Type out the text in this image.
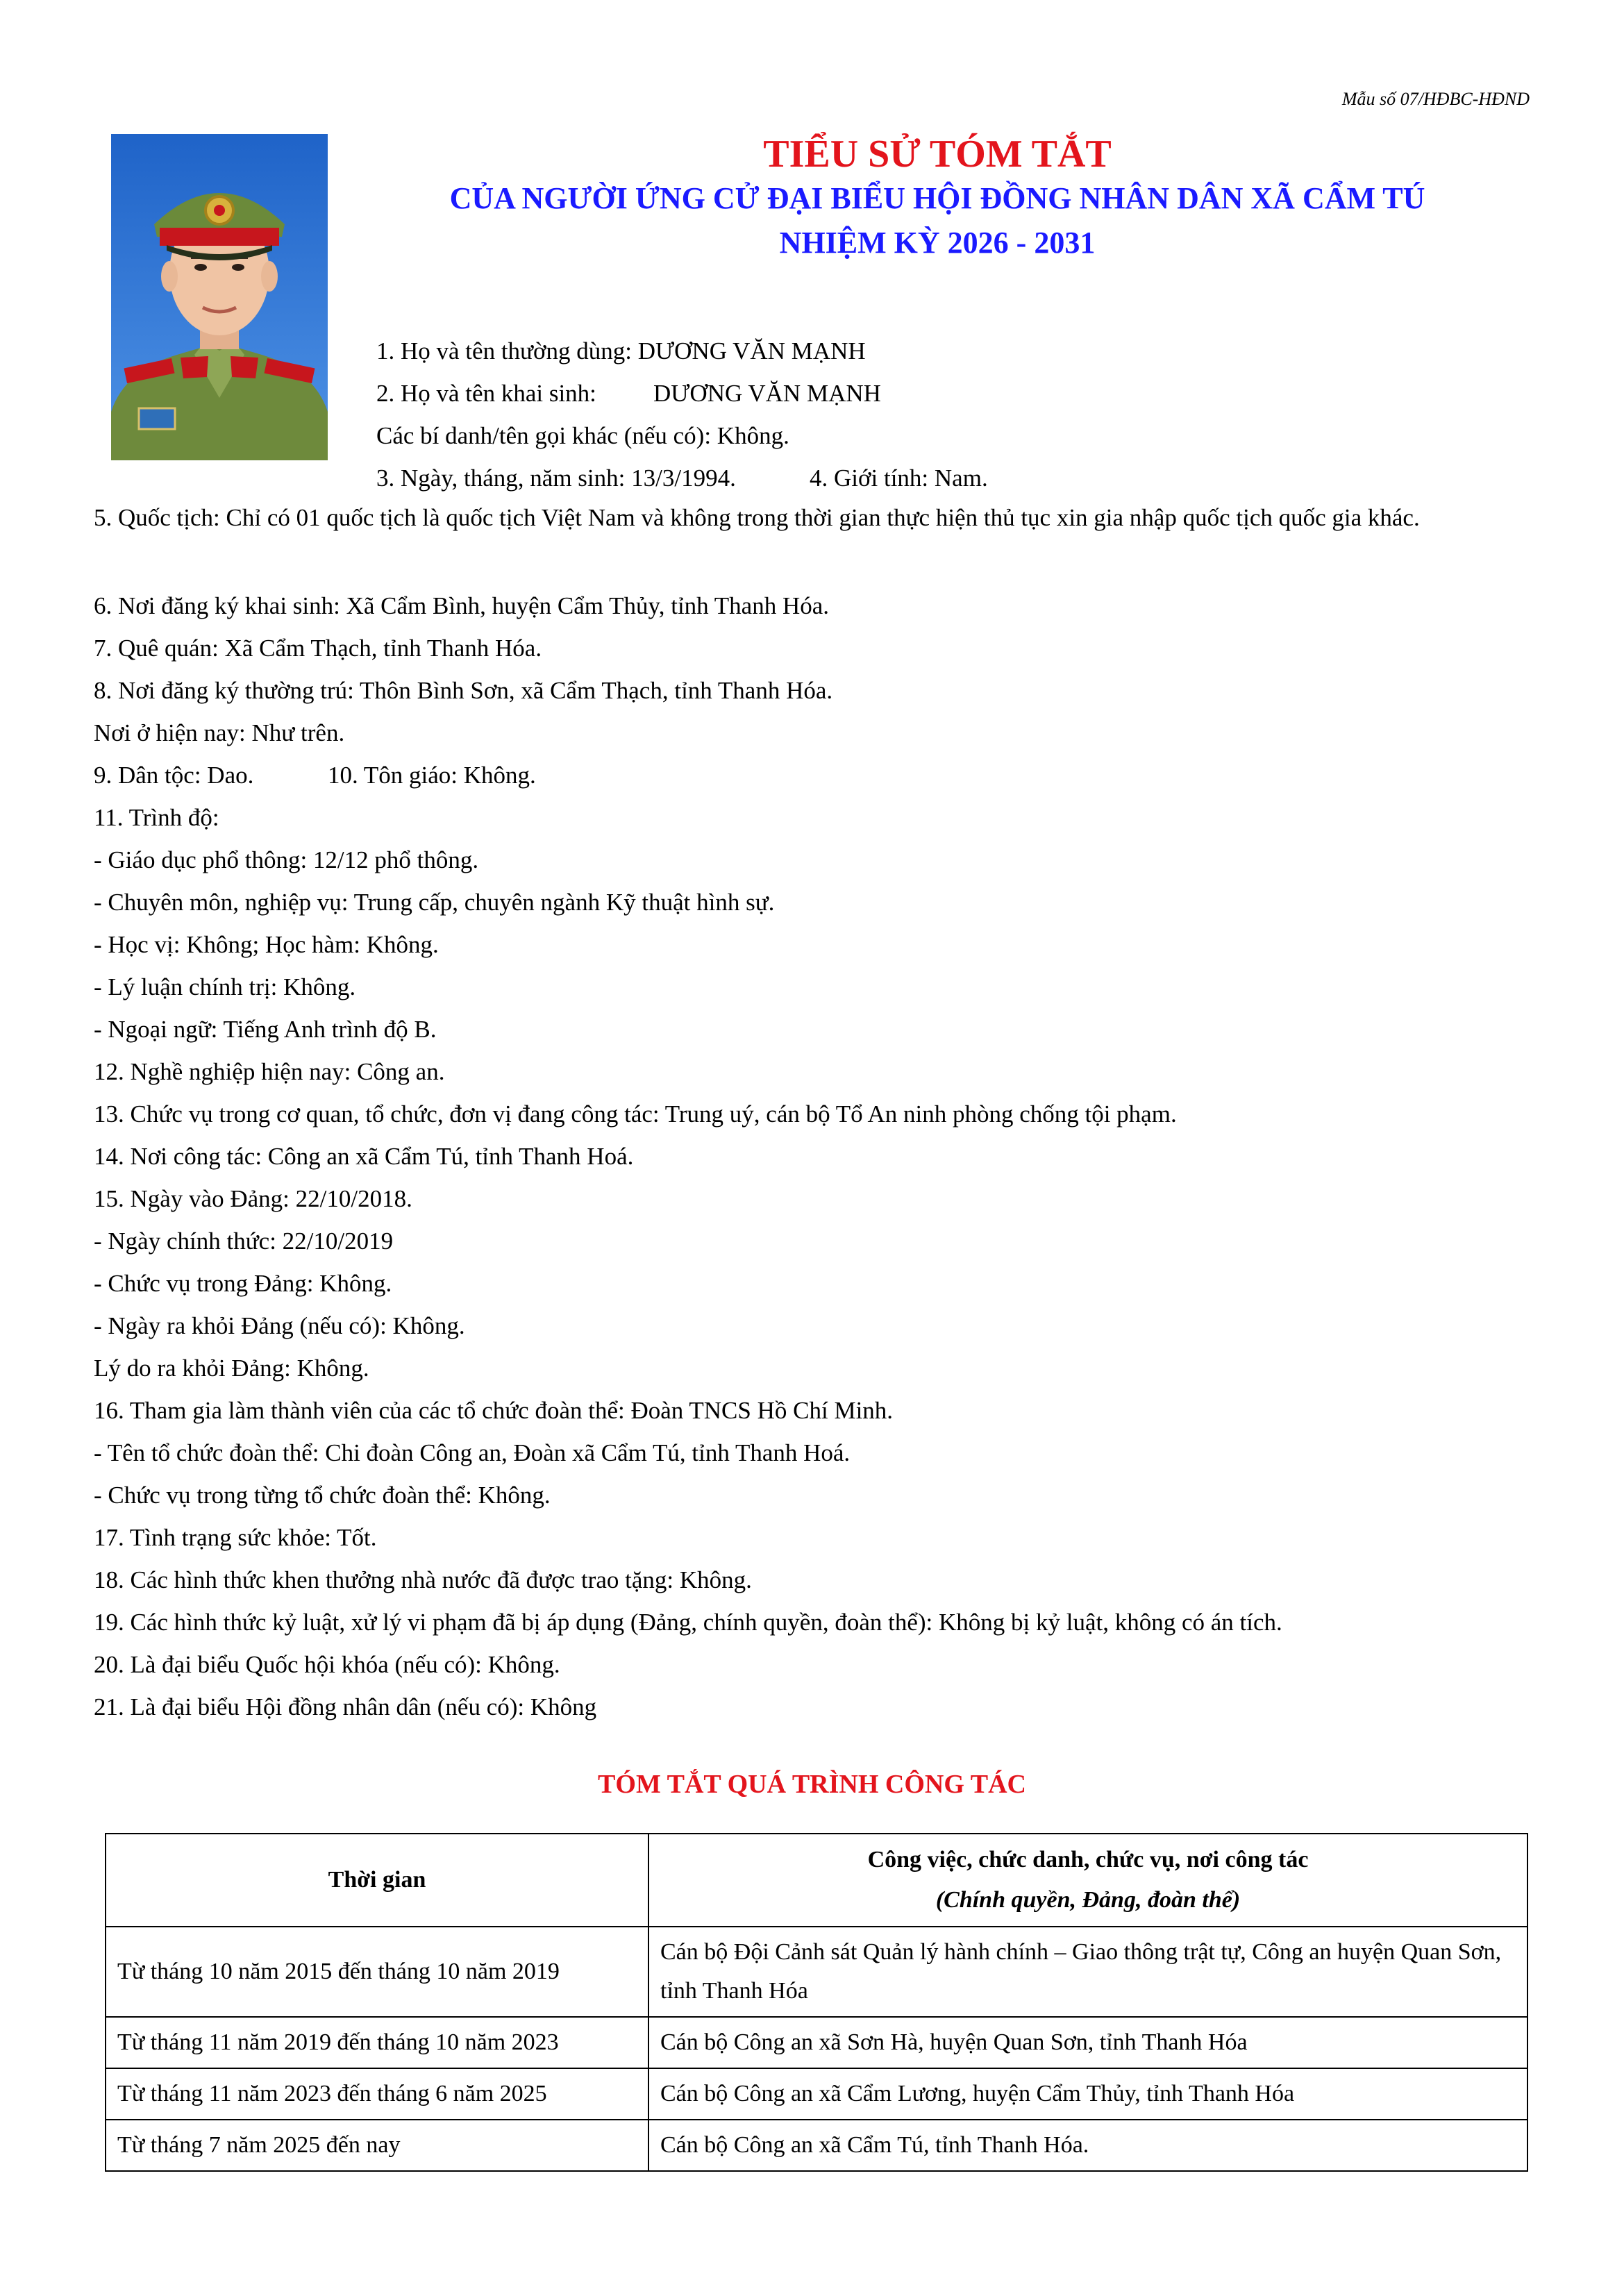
Mẫu số 07/HĐBC-HĐND
TIỂU SỬ TÓM TẮT
CỦA NGƯỜI ỨNG CỬ ĐẠI BIỂU HỘI ĐỒNG NHÂN DÂN XÃ CẨM TÚ
NHIỆM KỲ 2026 - 2031
1. Họ và tên thường dùng: DƯƠNG VĂN MẠNH
2. Họ và tên khai sinh: DƯƠNG VĂN MẠNH
Các bí danh/tên gọi khác (nếu có): Không.
3. Ngày, tháng, năm sinh: 13/3/1994.	4. Giới tính: Nam.
5. Quốc tịch: Chỉ có 01 quốc tịch là quốc tịch Việt Nam và không trong thời gian thực hiện thủ tục xin gia nhập quốc tịch quốc gia khác.
6. Nơi đăng ký khai sinh: Xã Cẩm Bình, huyện Cẩm Thủy, tỉnh Thanh Hóa.
7. Quê quán: Xã Cẩm Thạch, tỉnh Thanh Hóa.
8. Nơi đăng ký thường trú: Thôn Bình Sơn, xã Cẩm Thạch, tỉnh Thanh Hóa.
Nơi ở hiện nay: Như trên.
9. Dân tộc: Dao.	10. Tôn giáo: Không.
11. Trình độ:
- Giáo dục phổ thông: 12/12 phổ thông.
- Chuyên môn, nghiệp vụ: Trung cấp, chuyên ngành Kỹ thuật hình sự.
- Học vị: Không; Học hàm: Không.
- Lý luận chính trị: Không.
- Ngoại ngữ: Tiếng Anh trình độ B.
12. Nghề nghiệp hiện nay: Công an.
13. Chức vụ trong cơ quan, tổ chức, đơn vị đang công tác: Trung uý, cán bộ Tổ An ninh phòng chống tội phạm.
14. Nơi công tác: Công an xã Cẩm Tú, tỉnh Thanh Hoá.
15. Ngày vào Đảng: 22/10/2018.
- Ngày chính thức: 22/10/2019
- Chức vụ trong Đảng: Không.
- Ngày ra khỏi Đảng (nếu có): Không.
Lý do ra khỏi Đảng: Không.
16. Tham gia làm thành viên của các tổ chức đoàn thể: Đoàn TNCS Hồ Chí Minh.
- Tên tổ chức đoàn thể: Chi đoàn Công an, Đoàn xã Cẩm Tú, tỉnh Thanh Hoá.
- Chức vụ trong từng tổ chức đoàn thể: Không.
17. Tình trạng sức khỏe: Tốt.
18. Các hình thức khen thưởng nhà nước đã được trao tặng: Không.
19. Các hình thức kỷ luật, xử lý vi phạm đã bị áp dụng (Đảng, chính quyền, đoàn thể): Không bị kỷ luật, không có án tích.
20. Là đại biểu Quốc hội khóa (nếu có): Không.
21. Là đại biểu Hội đồng nhân dân (nếu có): Không
TÓM TẮT QUÁ TRÌNH CÔNG TÁC
Thời gian	Công việc, chức danh, chức vụ, nơi công tác
(Chính quyền, Đảng, đoàn thể)

Từ tháng 10 năm 2015 đến tháng 10 năm 2019	Cán bộ Đội Cảnh sát Quản lý hành chính – Giao thông trật tự, Công an huyện Quan Sơn, tỉnh Thanh Hóa
Từ tháng 11 năm 2019 đến tháng 10 năm 2023	Cán bộ Công an xã Sơn Hà, huyện Quan Sơn, tỉnh Thanh Hóa
Từ tháng 11 năm 2023 đến tháng 6 năm 2025	Cán bộ Công an xã Cẩm Lương, huyện Cẩm Thủy, tỉnh Thanh Hóa
Từ tháng 7 năm 2025 đến nay	Cán bộ Công an xã Cẩm Tú, tỉnh Thanh Hóa.
